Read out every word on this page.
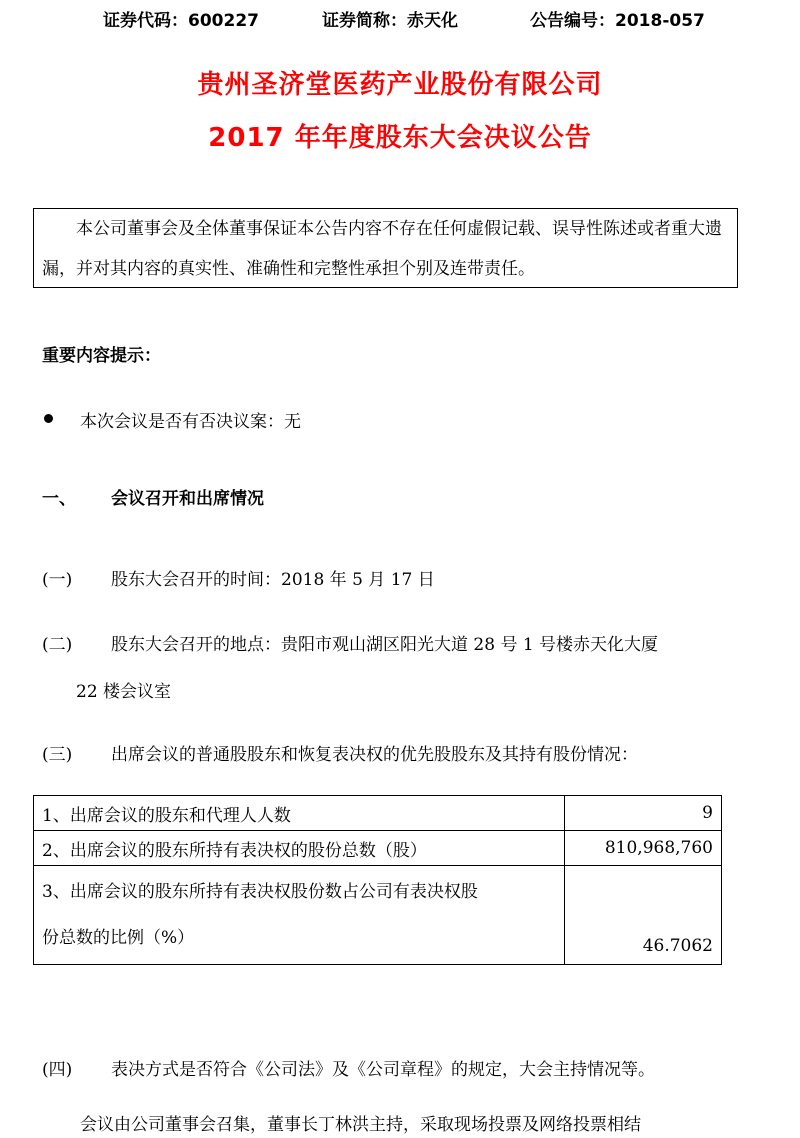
证券代码：600227	证券简称：赤天化	公告编号：2018-057
贵州圣济堂医药产业股份有限公司
2017 年年度股东大会决议公告
本公司董事会及全体董事保证本公告内容不存在任何虚假记载、误导性陈述或者重大遗漏，并对其内容的真实性、准确性和完整性承担个别及连带责任。
重要内容提示：
本次会议是否有否决议案：无
一、 会议召开和出席情况
(一) 股东大会召开的时间：2018 年 5 月 17 日
(二) 股东大会召开的地点：贵阳市观山湖区阳光大道 28 号 1 号楼赤天化大厦
22 楼会议室
(三) 出席会议的普通股股东和恢复表决权的优先股股东及其持有股份情况：
1、出席会议的股东和代理人人数	9
2、出席会议的股东所持有表决权的股份总数（股）	810,968,760
3、出席会议的股东所持有表决权股份数占公司有表决权股
份总数的比例（%）	46.7062
(四) 表决方式是否符合《公司法》及《公司章程》的规定，大会主持情况等。
会议由公司董事会召集，董事长丁林洪主持，采取现场投票及网络投票相结
